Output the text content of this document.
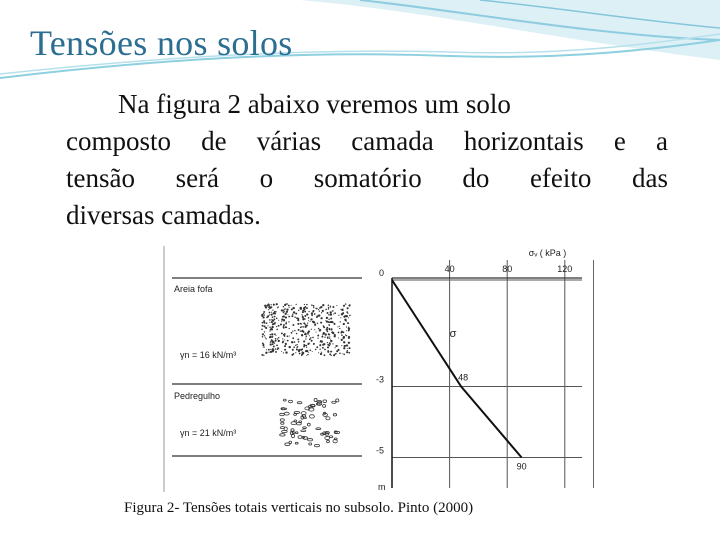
Tensões nos solos
Na figura 2 abaixo veremos um solo
composto de várias camada horizontais e a
tensão será o somatório do efeito das
diversas camadas.
Areia fofa
γn = 16 kN/m³
Pedregulho
γn = 21 kN/m³
σᵥ ( kPa )
40	80	120
0
-3
-5
m
σ
48
90
Figura 2- Tensões totais verticais no subsolo. Pinto (2000)
